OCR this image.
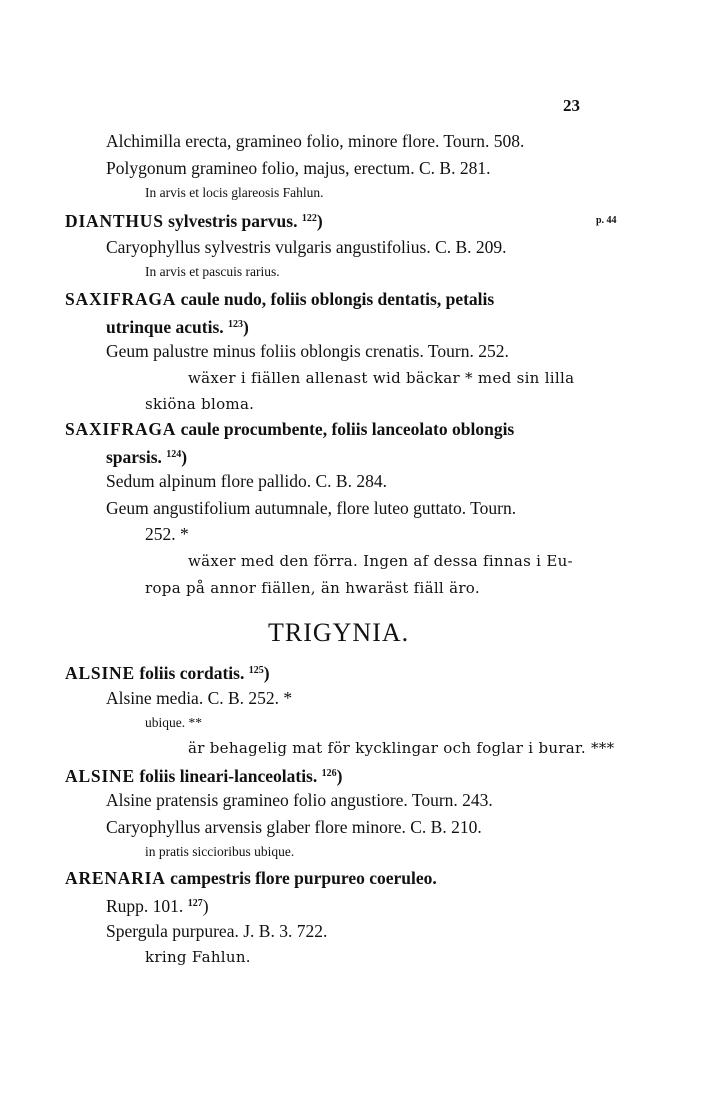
23
Alchimilla erecta, gramineo folio, minore flore. Tourn. 508.
Polygonum gramineo folio, majus, erectum. C. B. 281.
In arvis et locis glareosis Fahlun.
DIANTHUS sylvestris parvus. $^{122}$)	p. 44
Caryophyllus sylvestris vulgaris angustifolius. C. B. 209.
In arvis et pascuis rarius.
SAXIFRAGA caule nudo, foliis oblongis dentatis, petalis
utrinque acutis. $^{123}$)
Geum palustre minus foliis oblongis crenatis. Tourn. 252.
wäxer i fiällen allenast wid bäckar * med sin lilla
skiöna bloma.
SAXIFRAGA caule procumbente, foliis lanceolato oblongis
sparsis. $^{124}$)
Sedum alpinum flore pallido. C. B. 284.
Geum angustifolium autumnale, flore luteo guttato. Tourn.
252. *
wäxer med den förra. Ingen af dessa finnas i Eu-
ropa på annor fiällen, än hwaräst fiäll äro.
TRIGYNIA.
ALSINE foliis cordatis. $^{125}$)
Alsine media. C. B. 252. *
ubique. **
är behagelig mat för kycklingar och foglar i burar. ***
ALSINE foliis lineari-lanceolatis. $^{126}$)
Alsine pratensis gramineo folio angustiore. Tourn. 243.
Caryophyllus arvensis glaber flore minore. C. B. 210.
in pratis siccioribus ubique.
ARENARIA campestris flore purpureo coeruleo.
Rupp. 101. $^{127}$)
Spergula purpurea. J. B. 3. 722.
kring Fahlun.
